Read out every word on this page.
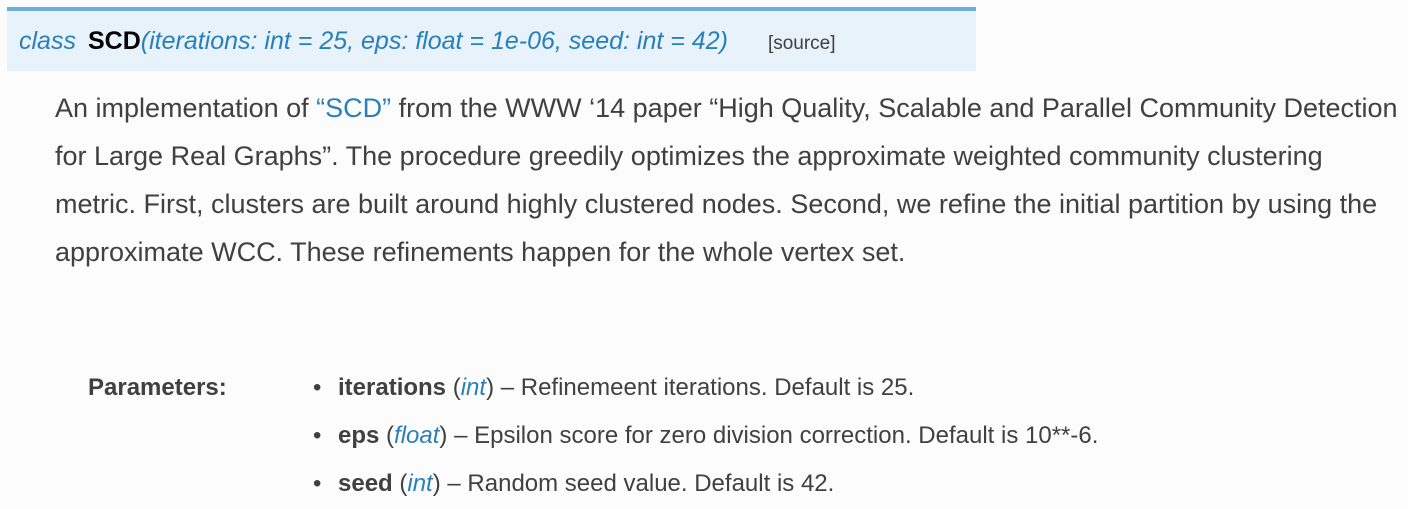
class SCD(iterations: int = 25, eps: float = 1e-06, seed: int = 42) [source]

An implementation of “SCD” from the WWW ‘14 paper “High Quality, Scalable and Parallel Community Detection for Large Real Graphs”. The procedure greedily optimizes the approximate weighted community clustering metric. First, clusters are built around highly clustered nodes. Second, we refine the initial partition by using the approximate WCC. These refinements happen for the whole vertex set.

Parameters:
•	iterations (int) – Refinemeent iterations. Default is 25.
• eps (float) – Epsilon score for zero division correction. Default is 10**-6.
• seed (int) – Random seed value. Default is 42.
